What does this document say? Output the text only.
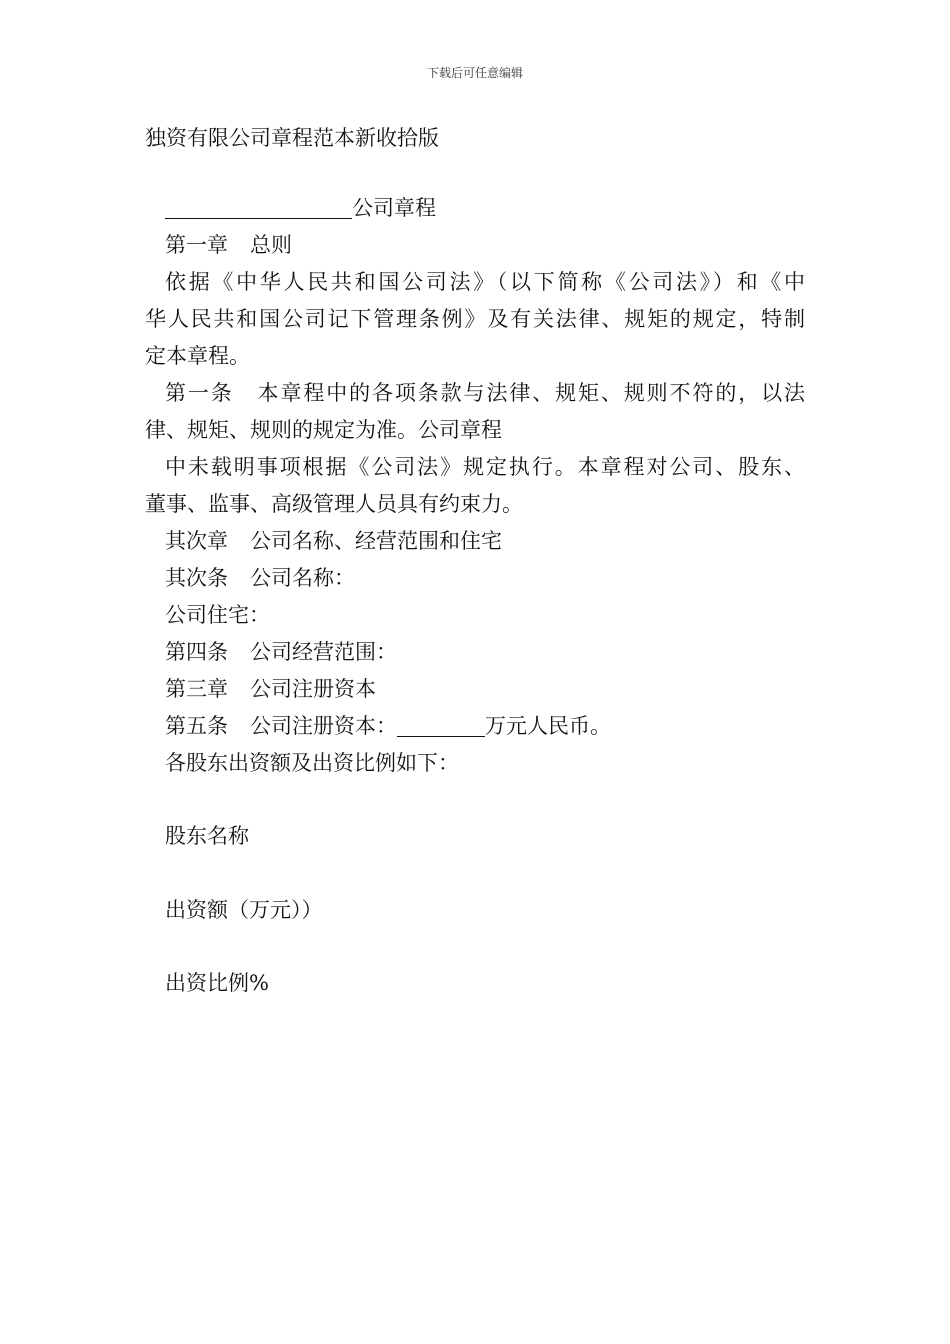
下载后可任意编辑
独资有限公司章程范本新收拾版
公司章程
第一章 总则
依据《中华人民共和国公司法》（以下简称《公司法》）和《中
华人民共和国公司记下管理条例》及有关法律、规矩的规定，特制
定本章程。
第一条 本章程中的各项条款与法律、规矩、规则不符的，以法
律、规矩、规则的规定为准。公司章程
中未载明事项根据《公司法》规定执行。本章程对公司、股东、
董事、监事、高级管理人员具有约束力。
其次章 公司名称、经营范围和住宅
其次条 公司名称：
公司住宅：
第四条 公司经营范围：
第三章 公司注册资本
第五条 公司注册资本：	万元人民币。
各股东出资额及出资比例如下：
股东名称
出资额（万元））
出资比例%
